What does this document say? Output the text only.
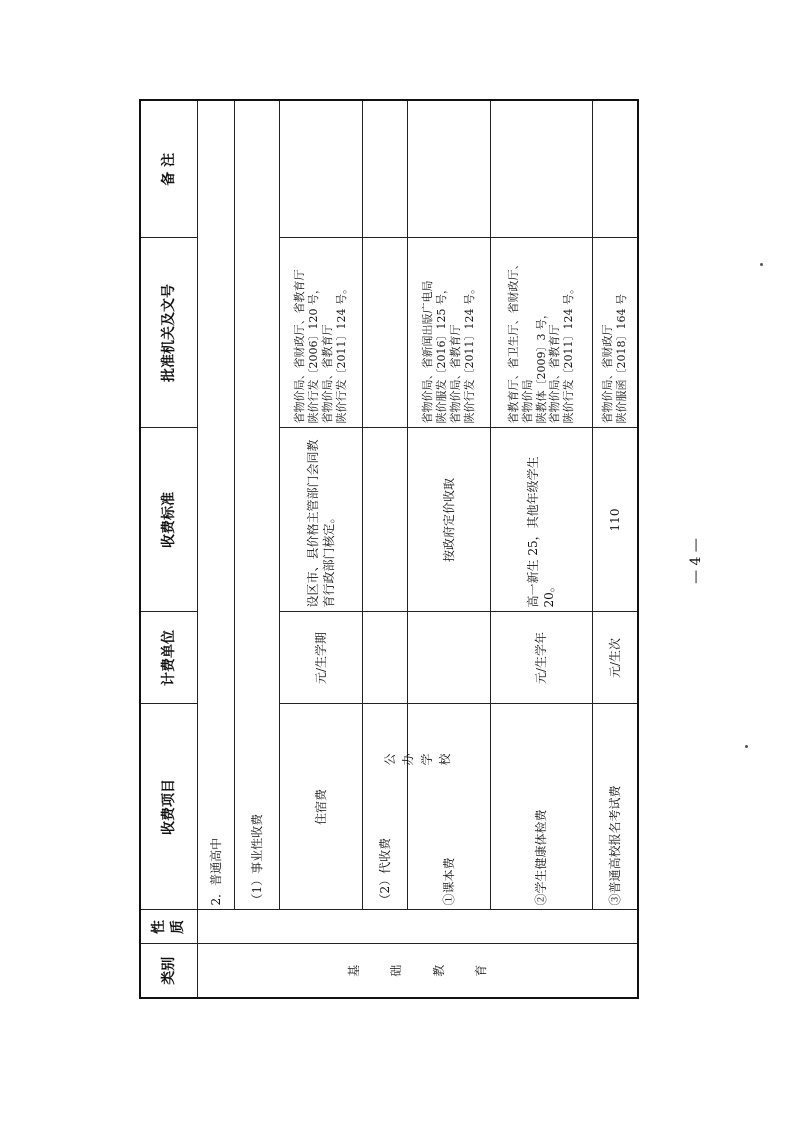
类别	性质	收费项目	计费单位	收费标准	批准机关及文号	备 注

基 础 教 育	公 办 学 校	2．普通高中				
		（1）事业性收费				
		住宿费	元/生学期	设区市、县价格主管部门会同教育行政部门核定。	省物价局、省财政厅、省教育厅 陕价行发〔2006〕120 号， 省物价局、省教育厅 陕价行发〔2011〕124 号。	

		（2）代收费				
		①课本费		按政府定价收取	省物价局、省新闻出版广电局 陕价服发〔2016〕125 号， 省物价局、省教育厅 陕价行发〔2011〕124 号。	

		②学生健康体检费	元/生学年	高一新生 25，其他年级学生 20。	省教育厅、省卫生厅、省财政厅、 省物价局 陕教体〔2009〕3 号， 省物价局、省教育厅 陕价行发〔2011〕124 号。	

		③普通高校报名考试费	元/生次	110	省物价局、省财政厅 陕价服函〔2018〕164 号	

— 4 —
